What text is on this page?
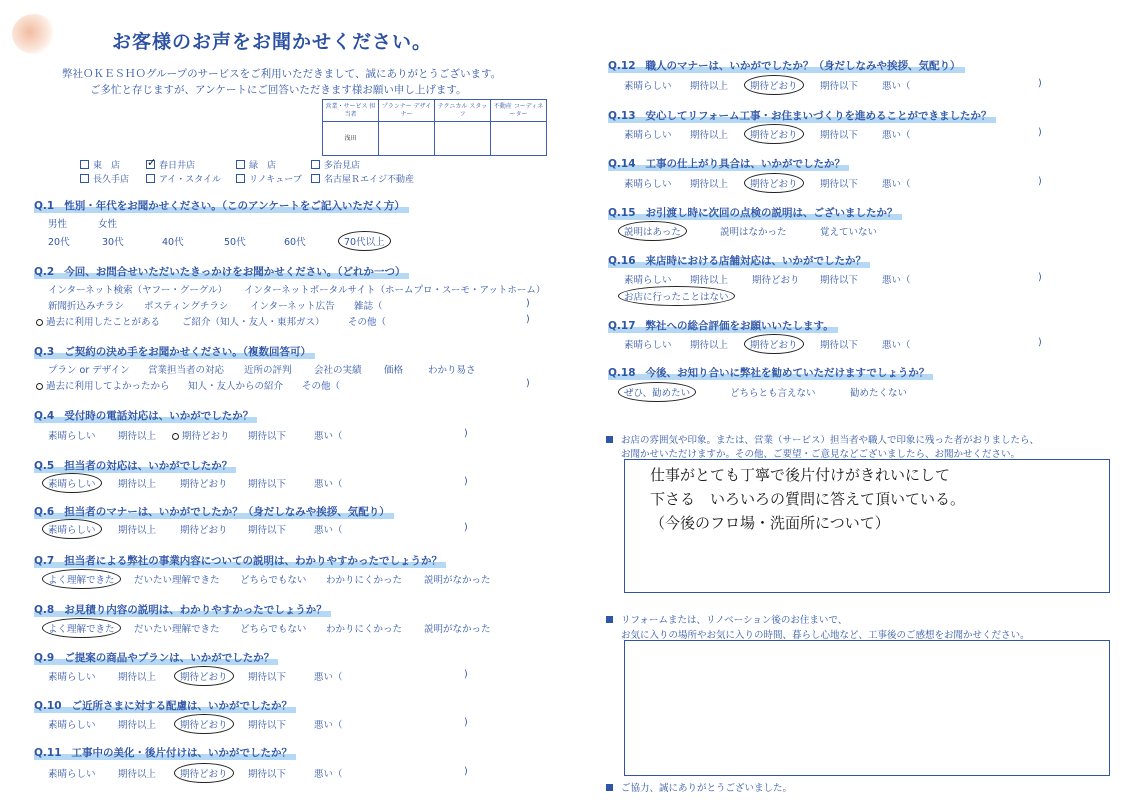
お客様のお声をお聞かせください。
弊社ＯＫＥＳＨＯグループのサービスをご利用いただきまして、誠にありがとうございます。
ご多忙と存じますが、アンケートにご回答いただきます様お願い申し上げます。
営業・サービス 担当者	プランナー デザイナー	テクニカル スタッフ	不動産 コーディネーター
浅田			
東　店 ✓	春日井店	緑　店	多治見店
長久手店	アイ・スタイル	リノキューブ	名古屋Ｒエイジ不動産
Q.1 性別・年代をお聞かせください。（このアンケートをご記入いただく方）
男性	女性
20代	30代	40代	50代	60代	70代以上
Q.2 今回、お問合せいただいたきっかけをお聞かせください。（どれか一つ）
インターネット検索（ヤフー・グーグル） インターネットポータルサイト（ホームプロ・スーモ・アットホーム）
新聞折込みチラシ ポスティングチラシ インターネット広告 雑誌（	)
過去に利用したことがある ご紹介（知人・友人・東邦ガス） その他（	)
Q.3 ご契約の決め手をお聞かせください。（複数回答可）
プラン or デザイン 営業担当者の対応 近所の評判 会社の実績 価格	わかり易さ
過去に利用してよかったから 知人・友人からの紹介 その他（	)
Q.4 受付時の電話対応は、いかがでしたか？
素晴らしい 期待以上	期待どおり 期待以下	悪い（	)
Q.5 担当者の対応は、いかがでしたか？
素晴らしい	期待以上	期待どおり 期待以下	悪い（	)
Q.6 担当者のマナーは、いかがでしたか？（身だしなみや挨拶、気配り）
素晴らしい	期待以上	期待どおり 期待以下	悪い（	)
Q.7 担当者による弊社の事業内容についての説明は、わかりやすかったでしょうか？
よく理解できた	だいたい理解できた どちらでもない わかりにくかった 説明がなかった
Q.8 お見積り内容の説明は、わかりやすかったでしょうか？
よく理解できた	だいたい理解できた どちらでもない わかりにくかった 説明がなかった
Q.9 ご提案の商品やプランは、いかがでしたか？
素晴らしい 期待以上	期待どおり	期待以下	悪い（	)
Q.10 ご近所さまに対する配慮は、いかがでしたか？
素晴らしい 期待以上	期待どおり	期待以下	悪い（	)
Q.11 工事中の美化・後片付けは、いかがでしたか？
素晴らしい 期待以上	期待どおり	期待以下	悪い（	)
Q.12 職人のマナーは、いかがでしたか？（身だしなみや挨拶、気配り）
素晴らしい 期待以上	期待どおり	期待以下	悪い（	)
Q.13 安心してリフォーム工事・お住まいづくりを進めることができましたか？
素晴らしい 期待以上	期待どおり	期待以下	悪い（	)
Q.14 工事の仕上がり具合は、いかがでしたか？
素晴らしい 期待以上	期待どおり	期待以下	悪い（	)
Q.15 お引渡し時に次回の点検の説明は、ございましたか？
説明はあった	説明はなかった	覚えていない
Q.16 来店時における店舗対応は、いかがでしたか？
素晴らしい 期待以上	期待どおり 期待以下	悪い（	)
お店に行ったことはない
Q.17 弊社への総合評価をお願いいたします。
素晴らしい 期待以上	期待どおり	期待以下	悪い（	)
Q.18 今後、お知り合いに弊社を勧めていただけますでしょうか？
ぜひ、勧めたい	どちらとも言えない	勧めたくない
お店の雰囲気や印象。または、営業（サービス）担当者や職人で印象に残った者がおりましたら、
お聞かせいただけますか。その他、ご要望・ご意見などございましたら、お聞かせください。
仕事がとても丁寧で後片付けがきれいにして
下さる　いろいろの質問に答えて頂いている。
（今後のフロ場・洗面所について）
リフォームまたは、リノベーション後のお住まいで、
お気に入りの場所やお気に入りの時間、暮らし心地など、工事後のご感想をお聞かせください。
ご協力、誠にありがとうございました。
